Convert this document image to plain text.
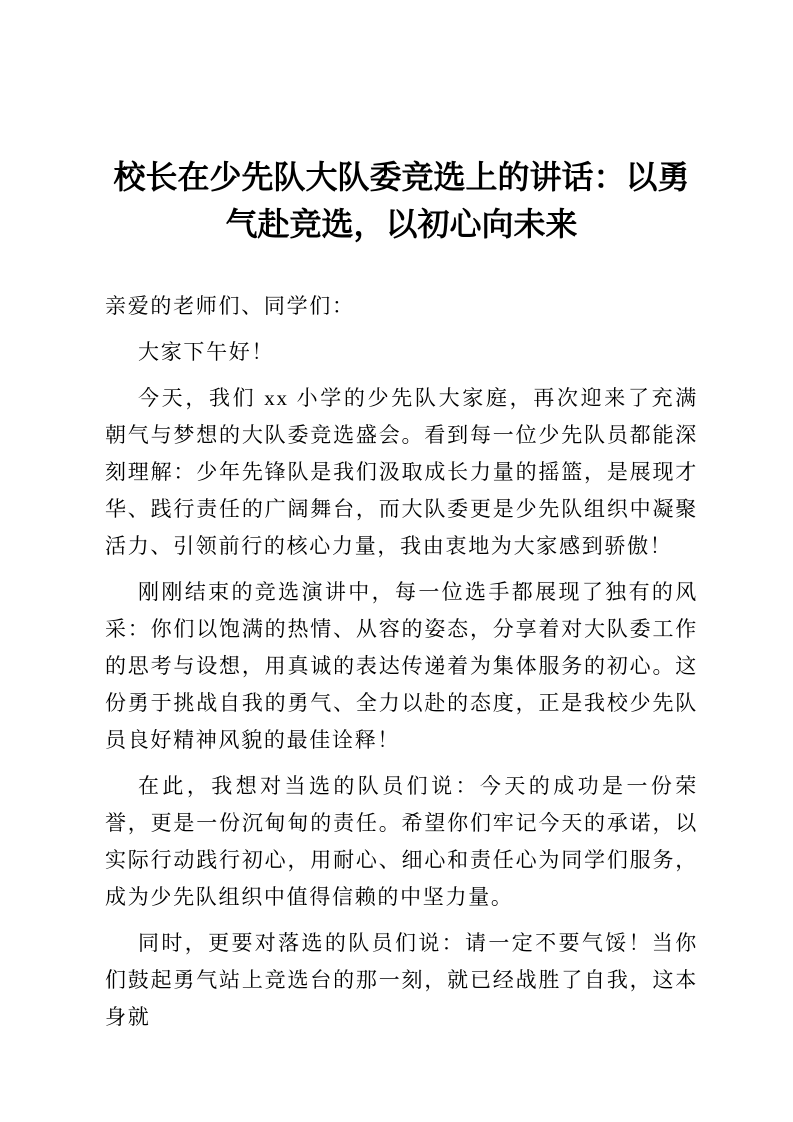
校长在少先队大队委竞选上的讲话：以勇气赴竞选，以初心向未来

亲爱的老师们、同学们：

大家下午好！

今天，我们 xx 小学的少先队大家庭，再次迎来了充满朝气与梦想的大队委竞选盛会。看到每一位少先队员都能深刻理解：少年先锋队是我们汲取成长力量的摇篮，是展现才华、践行责任的广阔舞台，而大队委更是少先队组织中凝聚活力、引领前行的核心力量，我由衷地为大家感到骄傲！

刚刚结束的竞选演讲中，每一位选手都展现了独有的风采：你们以饱满的热情、从容的姿态，分享着对大队委工作的思考与设想，用真诚的表达传递着为集体服务的初心。这份勇于挑战自我的勇气、全力以赴的态度，正是我校少先队员良好精神风貌的最佳诠释！

在此，我想对当选的队员们说：今天的成功是一份荣誉，更是一份沉甸甸的责任。希望你们牢记今天的承诺，以实际行动践行初心，用耐心、细心和责任心为同学们服务，成为少先队组织中值得信赖的中坚力量。

同时，更要对落选的队员们说：请一定不要气馁！当你们鼓起勇气站上竞选台的那一刻，就已经战胜了自我，这本身就
